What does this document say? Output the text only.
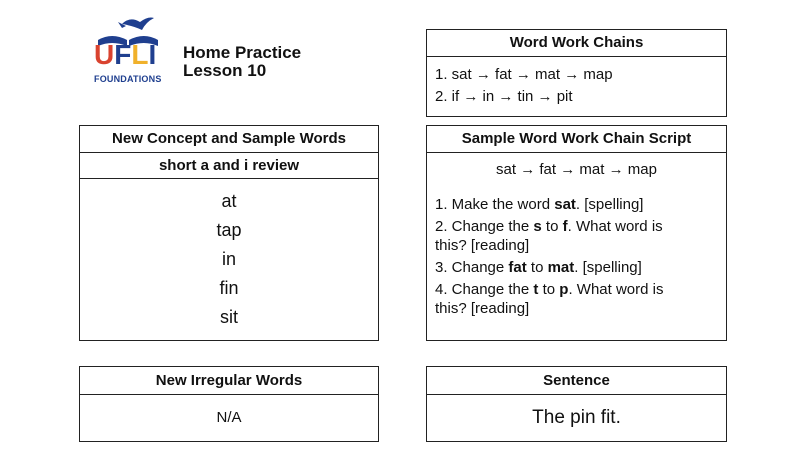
UFLI
FOUNDATIONS
Home Practice
Lesson 10
Word Work Chains
1. sat → fat → mat → map
2. if → in → tin → pit
New Concept and Sample Words
short a and i review
at
tap
in
fin
sit
Sample Word Work Chain Script
sat → fat → mat → map
1. Make the word sat. [spelling]
2. Change the s to f. What word is
this? [reading]
3. Change fat to mat. [spelling]
4. Change the t to p. What word is
this? [reading]
New Irregular Words
N/A
Sentence
The pin fit.
